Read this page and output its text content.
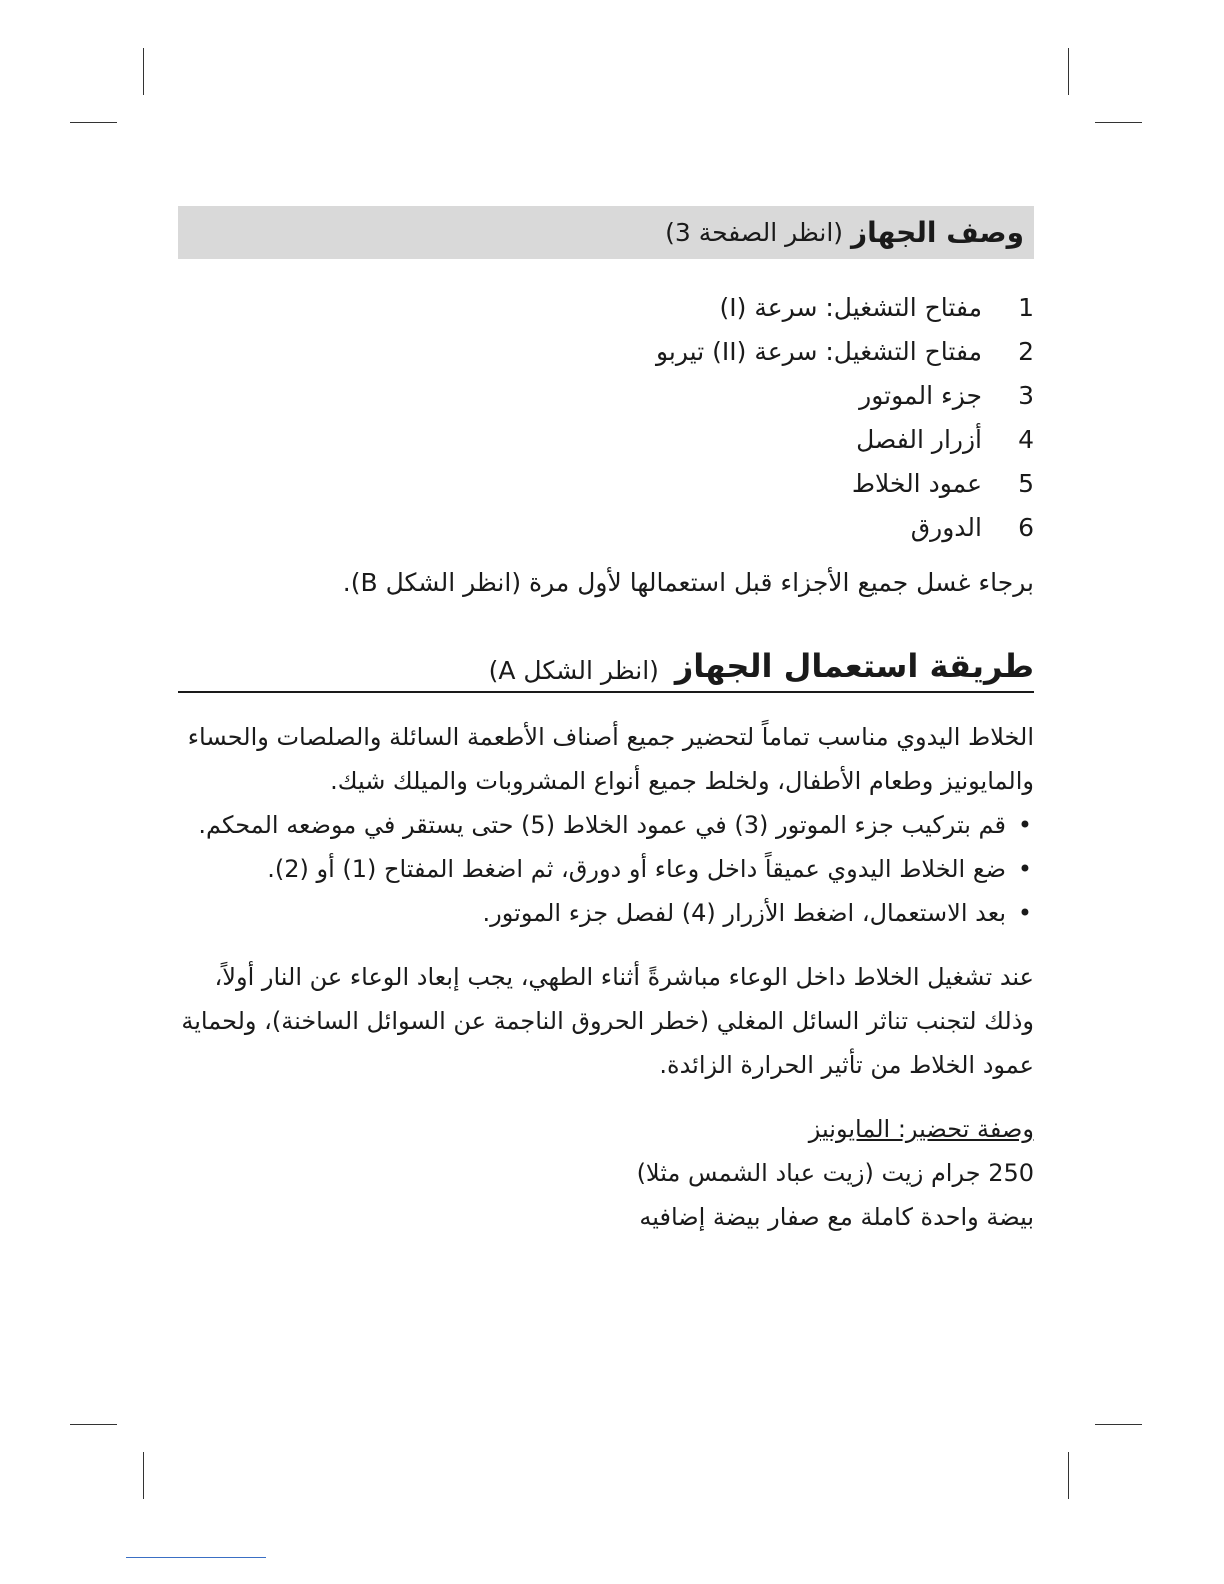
وصف الجهاز

(انظر الصفحة 3)
1
مفتاح التشغيل: سرعة (I)
2
مفتاح التشغيل: سرعة (II) تيربو
3
جزء الموتور
4
أزرار الفصل
5
عمود الخلاط
6
الدورق
برجاء غسل جميع الأجزاء قبل استعمالها لأول مرة (انظر الشكل B).
طريقة استعمال الجهاز

(انظر الشكل A)

الخلاط اليدوي مناسب تماماً لتحضير جميع أصناف الأطعمة السائلة والصلصات والحساء والمايونيز وطعام الأطفال، ولخلط جميع أنواع المشروبات والميلك شيك.

•
قم بتركيب جزء الموتور (3) في عمود الخلاط (5) حتى يستقر في موضعه المحكم.
•
ضع الخلاط اليدوي عميقاً داخل وعاء أو دورق، ثم اضغط المفتاح (1) أو (2).
•
بعد الاستعمال، اضغط الأزرار (4) لفصل جزء الموتور.

عند تشغيل الخلاط داخل الوعاء مباشرةً أثناء الطهي، يجب إبعاد الوعاء عن النار أولاً، وذلك لتجنب تناثر السائل المغلي (خطر الحروق الناجمة عن السوائل الساخنة)، ولحماية عمود الخلاط من تأثير الحرارة الزائدة.

وصفة تحضير: المايونيز
250 جرام زيت (زيت عباد الشمس مثلا)
بيضة واحدة كاملة مع صفار بيضة إضافيه
